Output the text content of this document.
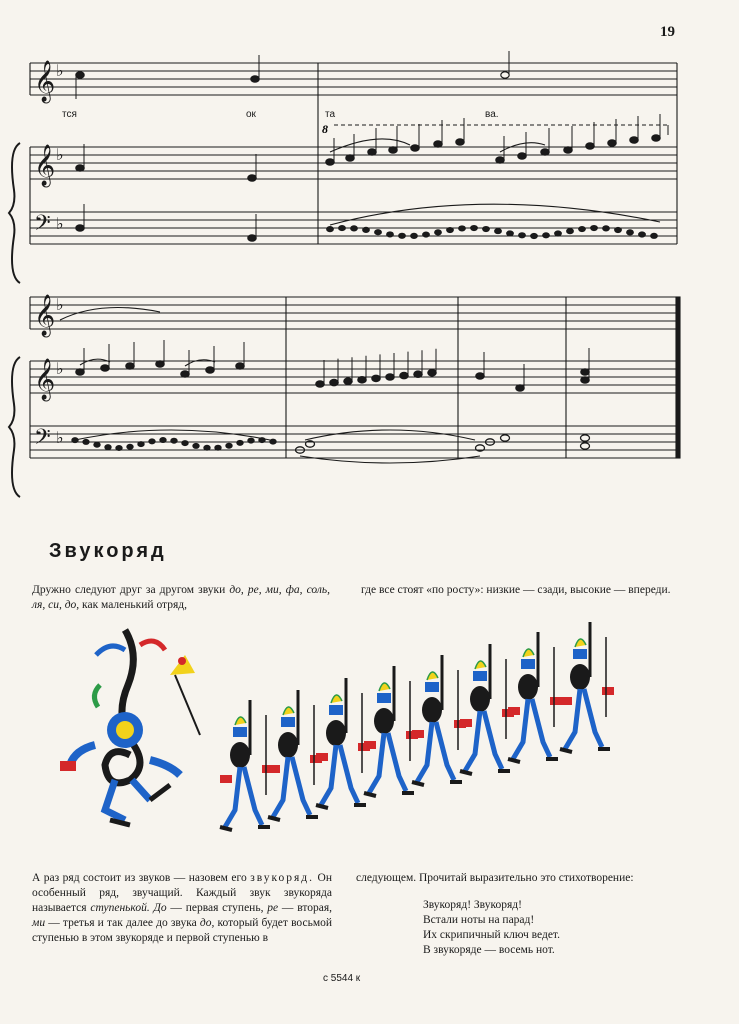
19
𝄞 ♭
𝄞 ♭
𝄢 ♭
𝄞 ♭
𝄞 ♭
𝄢 ♭
тся	ок	та	ва.
8
Звукоряд
Дружно следуют друг за другом звуки до, ре, ми, фа, соль, ля, си, до, как маленький отряд,
где все стоят «по росту»: низкие — сзади, высокие — впереди.
А раз ряд состоит из звуков — назовем его звукоряд. Он особенный ряд, звучащий. Каждый звук звукоряда называется ступенькой. До — первая ступень, ре — вторая, ми — третья и так далее до звука до, который будет восьмой ступенью в этом звукоряде и первой ступенью в
следующем. Прочитай выразительно это стихотворение:
Звукоряд! Звукоряд!
Встали ноты на парад!
Их скрипичный ключ ведет.
В звукоряде — восемь нот.
с 5544 к
